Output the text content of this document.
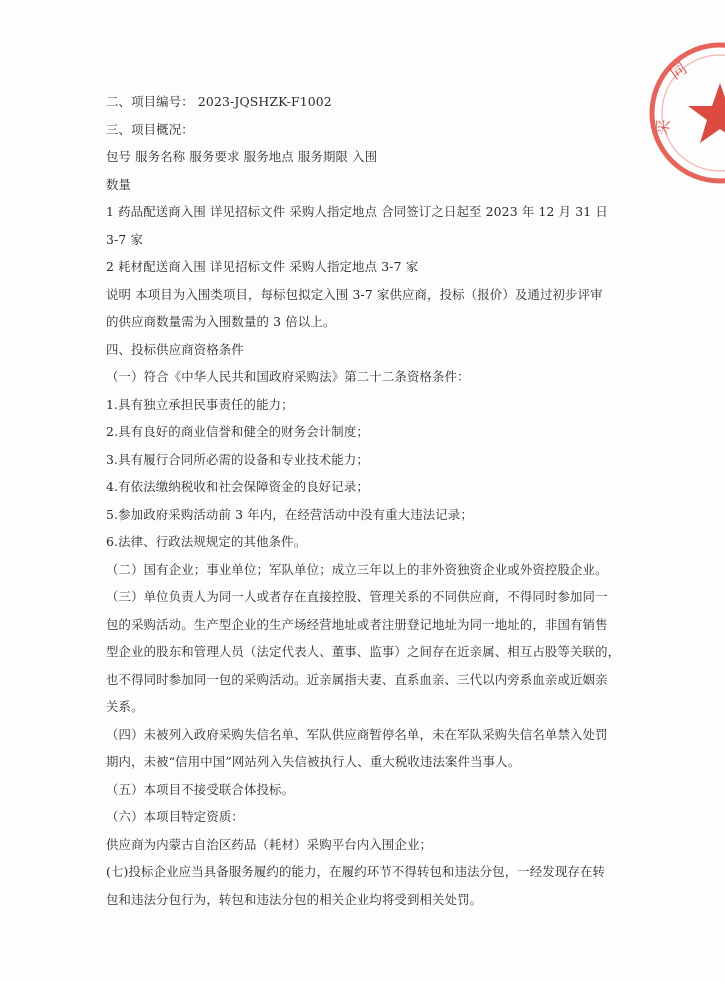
同
采
二、项目编号： 2023-JQSHZK-F1002
三、项目概况：
包号 服务名称 服务要求 服务地点 服务期限 入围
数量
1 药品配送商入围 详见招标文件 采购人指定地点 合同签订之日起至 2023 年 12 月 31 日
3-7 家
2 耗材配送商入围 详见招标文件 采购人指定地点 3-7 家
说明 本项目为入围类项目，每标包拟定入围 3-7 家供应商，投标（报价）及通过初步评审
的供应商数量需为入围数量的 3 倍以上。
四、投标供应商资格条件
（一）符合《中华人民共和国政府采购法》第二十二条资格条件：
1.具有独立承担民事责任的能力；
2.具有良好的商业信誉和健全的财务会计制度；
3.具有履行合同所必需的设备和专业技术能力；
4.有依法缴纳税收和社会保障资金的良好记录；
5.参加政府采购活动前 3 年内，在经营活动中没有重大违法记录；
6.法律、行政法规规定的其他条件。
（二）国有企业；事业单位；军队单位；成立三年以上的非外资独资企业或外资控股企业。
（三）单位负责人为同一人或者存在直接控股、管理关系的不同供应商，不得同时参加同一
包的采购活动。生产型企业的生产场经营地址或者注册登记地址为同一地址的，非国有销售
型企业的股东和管理人员（法定代表人、董事、监事）之间存在近亲属、相互占股等关联的，
也不得同时参加同一包的采购活动。近亲属指夫妻、直系血亲、三代以内旁系血亲或近姻亲
关系。
（四）未被列入政府采购失信名单、军队供应商暂停名单，未在军队采购失信名单禁入处罚
期内，未被“信用中国”网站列入失信被执行人、重大税收违法案件当事人。
（五）本项目不接受联合体投标。
（六）本项目特定资质：
供应商为内蒙古自治区药品（耗材）采购平台内入围企业；
(七)投标企业应当具备服务履约的能力，在履约环节不得转包和违法分包，一经发现存在转
包和违法分包行为，转包和违法分包的相关企业均将受到相关处罚。
